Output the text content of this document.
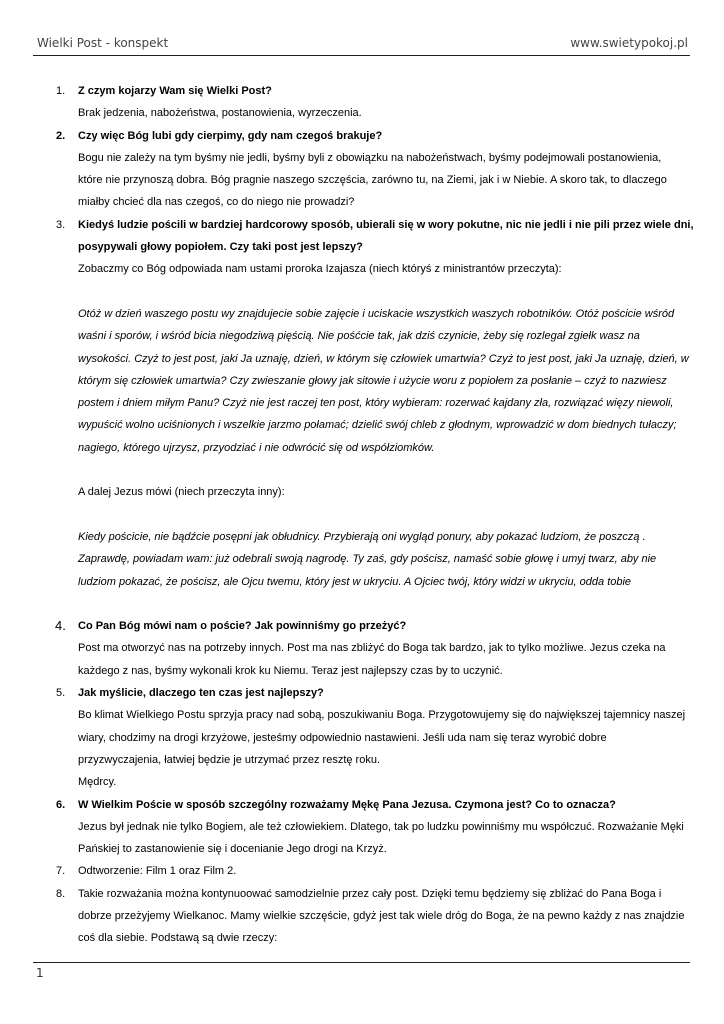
Wielki Post - konspekt	www.swietypokoj.pl
1. Z czym kojarzy Wam się Wielki Post?
Brak jedzenia, nabożeństwa, postanowienia, wyrzeczenia.
2. Czy więc Bóg lubi gdy cierpimy, gdy nam czegoś brakuje?
Bogu nie zależy na tym byśmy nie jedli, byśmy byli z obowiązku na nabożeństwach, byśmy podejmowali postanowienia,
które nie przynoszą dobra. Bóg pragnie naszego szczęścia, zarówno tu, na Ziemi, jak i w Niebie. A skoro tak, to dlaczego
miałby chcieć dla nas czegoś, co do niego nie prowadzi?
3. Kiedyś ludzie pościli w bardziej hardcorowy sposób, ubierali się w wory pokutne, nic nie jedli i nie pili przez wiele dni,
posypywali głowy popiołem. Czy taki post jest lepszy?
Zobaczmy co Bóg odpowiada nam ustami proroka Izajasza (niech któryś z ministrantów przeczyta):
Otóż w dzień waszego postu wy znajdujecie sobie zajęcie i uciskacie wszystkich waszych robotników. Otóż pościcie wśród
waśni i sporów, i wśród bicia niegodziwą pięścią. Nie pośćcie tak, jak dziś czynicie, żeby się rozlegał zgiełk wasz na
wysokości. Czyż to jest post, jaki Ja uznaję, dzień, w którym się człowiek umartwia? Czyż to jest post, jaki Ja uznaję, dzień, w
którym się człowiek umartwia? Czy zwieszanie głowy jak sitowie i użycie woru z popiołem za posłanie – czyż to nazwiesz
postem i dniem miłym Panu? Czyż nie jest raczej ten post, który wybieram: rozerwać kajdany zła, rozwiązać więzy niewoli,
wypuścić wolno uciśnionych i wszelkie jarzmo połamać; dzielić swój chleb z głodnym, wprowadzić w dom biednych tułaczy;
nagiego, którego ujrzysz, przyodziać i nie odwrócić się od współziomków.
A dalej Jezus mówi (niech przeczyta inny):
Kiedy pościcie, nie bądźcie posępni jak obłudnicy. Przybierają oni wygląd ponury, aby pokazać ludziom, że poszczą .
Zaprawdę, powiadam wam: już odebrali swoją nagrodę. Ty zaś, gdy pościsz, namaść sobie głowę i umyj twarz, aby nie
ludziom pokazać, że pościsz, ale Ojcu twemu, który jest w ukryciu. A Ojciec twój, który widzi w ukryciu, odda tobie
4. Co Pan Bóg mówi nam o poście? Jak powinniśmy go przeżyć?
Post ma otworzyć nas na potrzeby innych. Post ma nas zbliżyć do Boga tak bardzo, jak to tylko możliwe. Jezus czeka na
każdego z nas, byśmy wykonali krok ku Niemu. Teraz jest najlepszy czas by to uczynić.
5. Jak myślicie, dlaczego ten czas jest najlepszy?
Bo klimat Wielkiego Postu sprzyja pracy nad sobą, poszukiwaniu Boga. Przygotowujemy się do największej tajemnicy naszej
wiary, chodzimy na drogi krzyżowe, jesteśmy odpowiednio nastawieni. Jeśli uda nam się teraz wyrobić dobre
przyzwyczajenia, łatwiej będzie je utrzymać przez resztę roku.
Mędrcy.
6. W Wielkim Poście w sposób szczególny rozważamy Mękę Pana Jezusa. Czymona jest? Co to oznacza?
Jezus był jednak nie tylko Bogiem, ale też człowiekiem. Dlatego, tak po ludzku powinniśmy mu współczuć. Rozważanie Męki
Pańskiej to zastanowienie się i docenianie Jego drogi na Krzyż.
7. Odtworzenie: Film 1 oraz Film 2.
8. Takie rozważania można kontynuoować samodzielnie przez cały post. Dzięki temu będziemy się zbliżać do Pana Boga i
dobrze przeżyjemy Wielkanoc. Mamy wielkie szczęście, gdyż jest tak wiele dróg do Boga, że na pewno każdy z nas znajdzie
coś dla siebie. Podstawą są dwie rzeczy:
1
